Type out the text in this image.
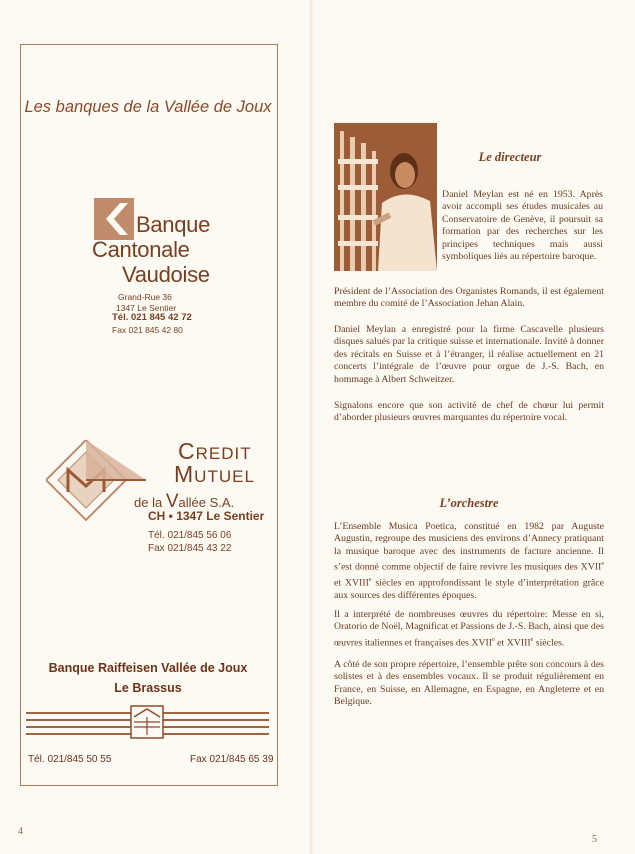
Les banques de la Vallée de Joux
Banque
Cantonale
Vaudoise
Grand-Rue 36
1347 Le Sentier
Tél. 021 845 42 72
Fax 021 845 42 80
CREDIT
MUTUEL
de la Vallée S.A.
CH • 1347 Le Sentier
Tél. 021/845 56 06
Fax 021/845 43 22
Banque Raiffeisen Vallée de Joux
Le Brassus
Tél. 021/845 50 55	Fax 021/845 65 39
4
Le directeur
Daniel Meylan est né en 1953. Après avoir accompli ses études musicales au Conservatoire de Genève, il poursuit sa formation par des recherches sur les principes techniques mais aussi symboliques liés au répertoire baroque.
Président de l’Association des Organistes Romands, il est également membre du comité de l’Association Jehan Alain.
Daniel Meylan a enregistré pour la firme Cascavelle plusieurs disques salués par la critique suisse et internationale. Invité à donner des récitals en Suisse et à l’étranger, il réalise actuellement en 21 concerts l’intégrale de l’œuvre pour orgue de J.-S. Bach, en hommage à Albert Schweitzer.
Signalons encore que son activité de chef de chœur lui permit d’aborder plusieurs œuvres marquantes du répertoire vocal.
L’orchestre
L’Ensemble Musica Poetica, constitué en 1982 par Auguste Augustin, regroupe des musiciens des environs d’Annecy pratiquant la musique baroque avec des instruments de facture ancienne. Il s’est donné comme objectif de faire revivre les musiques des XVIIe et XVIIIe siècles en approfondissant le style d’interprétation grâce aux sources des différentes époques.
Il a interprété de nombreuses œuvres du répertoire: Messe en si, Oratorio de Noël, Magnificat et Passions de J.-S. Bach, ainsi que des œuvres italiennes et françaises des XVIIe et XVIIIe siècles.
A côté de son propre répertoire, l’ensemble prête son concours à des solistes et à des ensembles vocaux. Il se produit régulièrement en France, en Suisse, en Allemagne, en Espagne, en Angleterre et en Belgique.
5
